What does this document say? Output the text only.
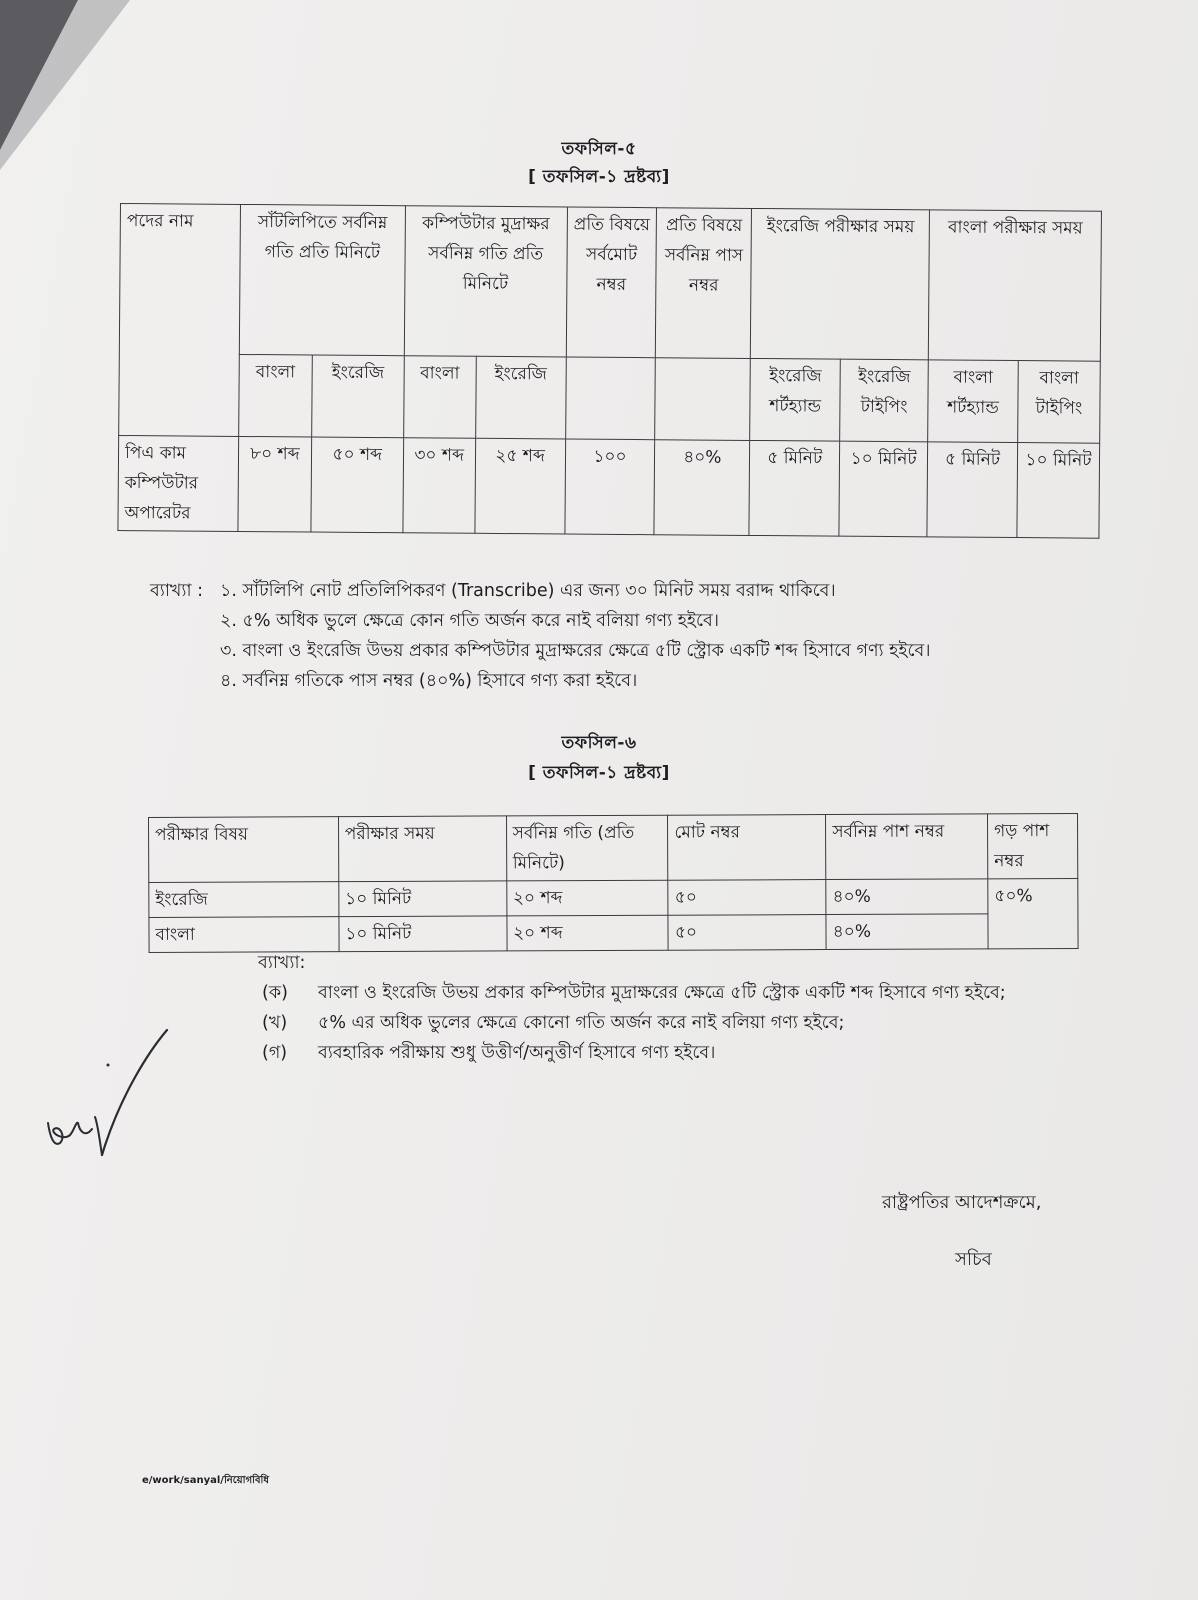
তফসিল-৫
[ তফসিল-১ দ্রষ্টব্য]
পদের নাম	সাঁটলিপিতে সর্বনিম্ন গতি প্রতি মিনিটে		কম্পিউটার মুদ্রাক্ষর সর্বনিম্ন গতি প্রতি মিনিটে		প্রতি বিষয়ে সর্বমোট নম্বর	প্রতি বিষয়ে সর্বনিম্ন পাস নম্বর	ইংরেজি পরীক্ষার সময়		বাংলা পরীক্ষার সময়	
	বাংলা	ইংরেজি	বাংলা	ইংরেজি			ইংরেজি শর্টহ্যান্ড	ইংরেজি টাইপিং	বাংলা শর্টহ্যান্ড	বাংলা টাইপিং
পিএ কাম কম্পিউটার অপারেটর	৮০ শব্দ	৫০ শব্দ	৩০ শব্দ	২৫ শব্দ	১০০	৪০%	৫ মিনিট	১০ মিনিট	৫ মিনিট	১০ মিনিট
ব্যাখ্যা : ১. সাঁটলিপি নোট প্রতিলিপিকরণ (Transcribe) এর জন্য ৩০ মিনিট সময় বরাদ্দ থাকিবে।
২. ৫% অধিক ভুলে ক্ষেত্রে কোন গতি অর্জন করে নাই বলিয়া গণ্য হইবে।
৩. বাংলা ও ইংরেজি উভয় প্রকার কম্পিউটার মুদ্রাক্ষরের ক্ষেত্রে ৫টি স্ট্রোক একটি শব্দ হিসাবে গণ্য হইবে।
৪. সর্বনিম্ন গতিকে পাস নম্বর (৪০%) হিসাবে গণ্য করা হইবে।
তফসিল-৬
[ তফসিল-১ দ্রষ্টব্য]
পরীক্ষার বিষয়	পরীক্ষার সময়	সর্বনিম্ন গতি (প্রতি মিনিটে)	মোট নম্বর	সর্বনিম্ন পাশ নম্বর	গড় পাশ নম্বর
ইংরেজি	১০ মিনিট	২০ শব্দ	৫০	৪০%	৫০%
বাংলা	১০ মিনিট	২০ শব্দ	৫০	৪০%	
ব্যাখ্যা:
(ক) বাংলা ও ইংরেজি উভয় প্রকার কম্পিউটার মুদ্রাক্ষরের ক্ষেত্রে ৫টি স্ট্রোক একটি শব্দ হিসাবে গণ্য হইবে;
(খ) ৫% এর অধিক ভুলের ক্ষেত্রে কোনো গতি অর্জন করে নাই বলিয়া গণ্য হইবে;
(গ) ব্যবহারিক পরীক্ষায় শুধু উত্তীর্ণ/অনুত্তীর্ণ হিসাবে গণ্য হইবে।
রাষ্ট্রপতির আদেশক্রমে,
সচিব
e/work/sanyal/নিয়োগবিধি
